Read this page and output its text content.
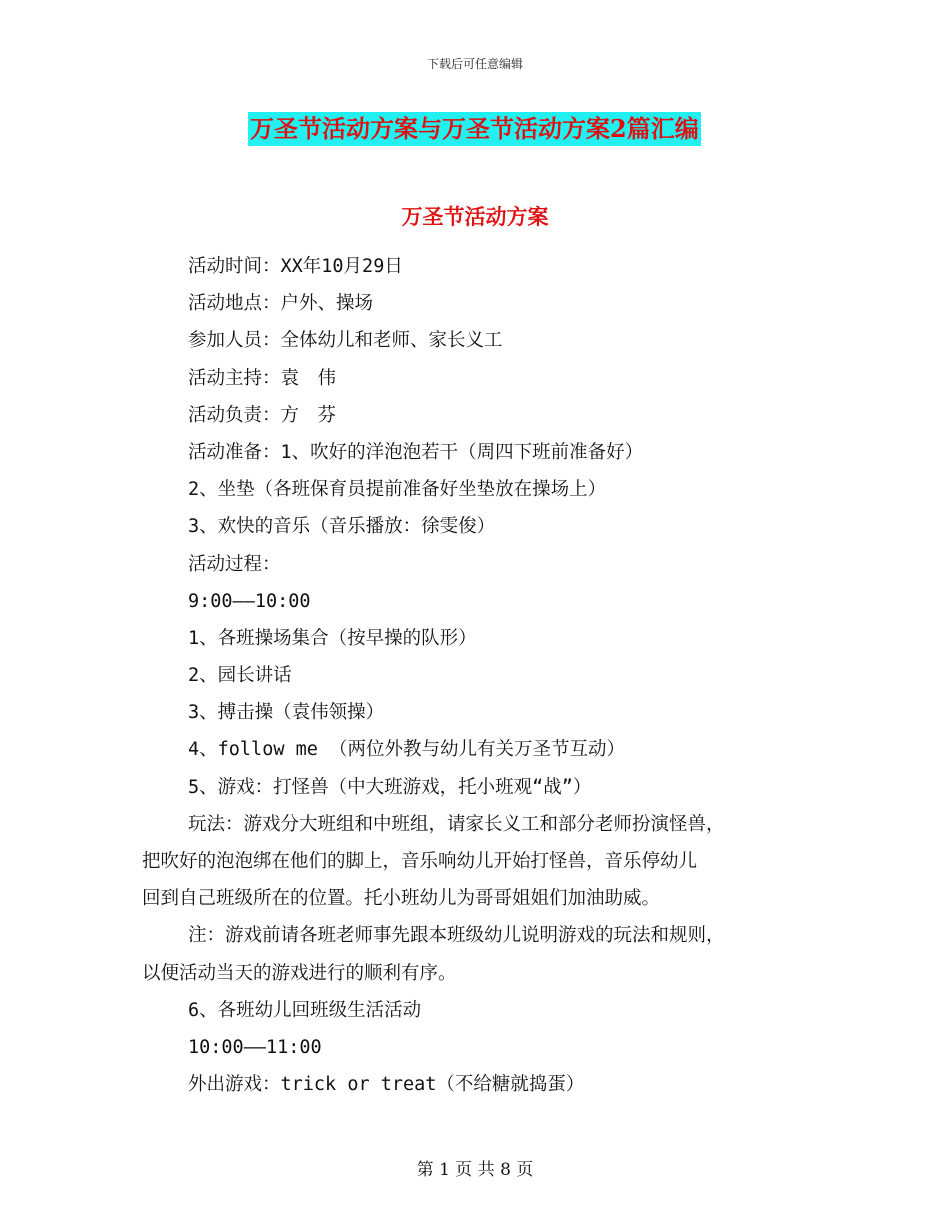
下载后可任意编辑
万圣节活动方案与万圣节活动方案2篇汇编
万圣节活动方案
活动时间：XX年10月29日
活动地点：户外、操场
参加人员：全体幼儿和老师、家长义工
活动主持：袁　伟
活动负责：方　芬
活动准备：1、吹好的洋泡泡若干（周四下班前准备好）
2、坐垫（各班保育员提前准备好坐垫放在操场上）
3、欢快的音乐（音乐播放：徐雯俊）
活动过程：
9:00——10:00
1、各班操场集合（按早操的队形）
2、园长讲话
3、搏击操（袁伟领操）
4、follow me （两位外教与幼儿有关万圣节互动）
5、游戏：打怪兽（中大班游戏，托小班观“战”）
玩法：游戏分大班组和中班组，请家长义工和部分老师扮演怪兽，
把吹好的泡泡绑在他们的脚上，音乐响幼儿开始打怪兽，音乐停幼儿
回到自己班级所在的位置。托小班幼儿为哥哥姐姐们加油助威。
注：游戏前请各班老师事先跟本班级幼儿说明游戏的玩法和规则，
以便活动当天的游戏进行的顺利有序。
6、各班幼儿回班级生活活动
10:00——11:00
外出游戏：trick or treat（不给糖就捣蛋）
第 1 页 共 8 页
